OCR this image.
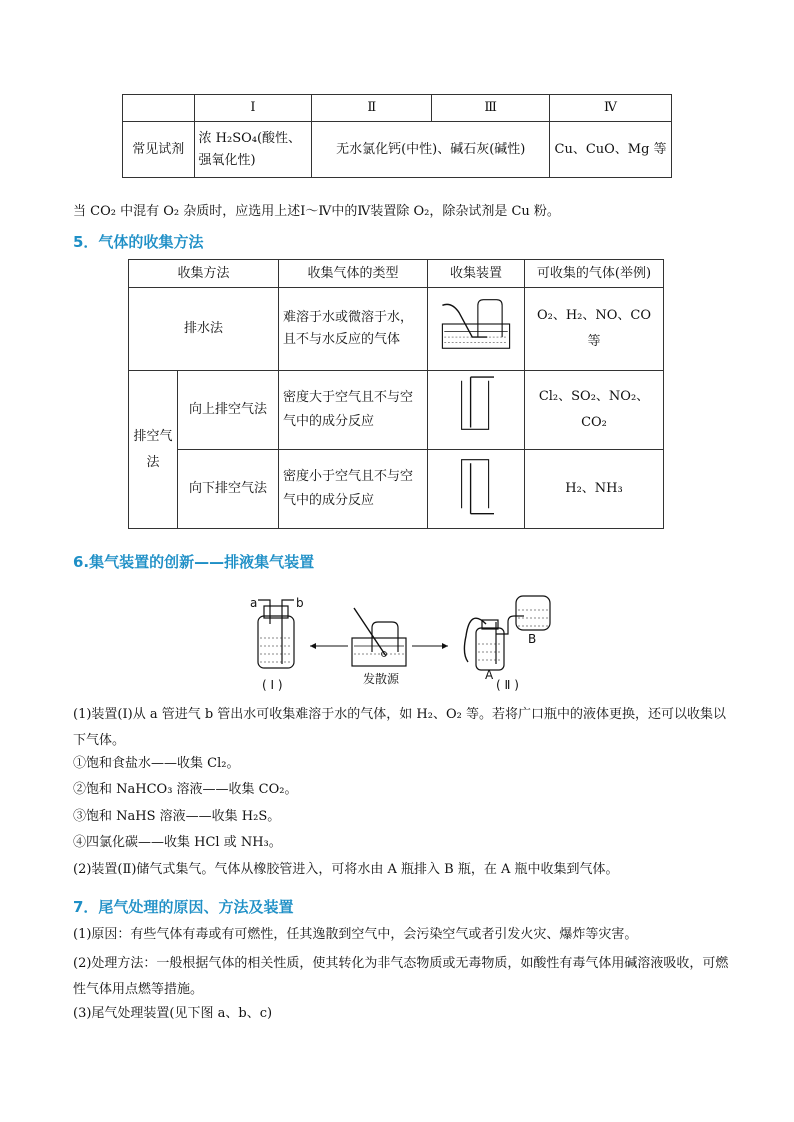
	Ⅰ	Ⅱ	Ⅲ	Ⅳ
常见试剂	浓 H₂SO₄(酸性、强氧化性)	无水氯化钙(中性)、碱石灰(碱性)		Cu、CuO、Mg 等
当 CO₂ 中混有 O₂ 杂质时，应选用上述Ⅰ～Ⅳ中的Ⅳ装置除 O₂，除杂试剂是 Cu 粉。
5．气体的收集方法
收集方法		收集气体的类型	收集装置	可收集的气体(举例)
排水法		难溶于水或微溶于水，且不与水反应的气体		O₂、H₂、NO、CO 等
排空气法	向上排空气法	密度大于空气且不与空气中的成分反应		Cl₂、SO₂、NO₂、CO₂
	向下排空气法	密度小于空气且不与空气中的成分反应		H₂、NH₃
6.集气装置的创新——排液集气装置
a	b
( Ⅰ )	发散源	A
B
( Ⅱ )
(1)装置(Ⅰ)从 a 管进气 b 管出水可收集难溶于水的气体，如 H₂、O₂ 等。若将广口瓶中的液体更换，还可以收集以下气体。
①饱和食盐水——收集 Cl₂。
②饱和 NaHCO₃ 溶液——收集 CO₂。
③饱和 NaHS 溶液——收集 H₂S。
④四氯化碳——收集 HCl 或 NH₃。
(2)装置(Ⅱ)储气式集气。气体从橡胶管进入，可将水由 A 瓶排入 B 瓶，在 A 瓶中收集到气体。
7．尾气处理的原因、方法及装置
(1)原因：有些气体有毒或有可燃性，任其逸散到空气中，会污染空气或者引发火灾、爆炸等灾害。
(2)处理方法：一般根据气体的相关性质，使其转化为非气态物质或无毒物质，如酸性有毒气体用碱溶液吸收，可燃性气体用点燃等措施。
(3)尾气处理装置(见下图 a、b、c)
